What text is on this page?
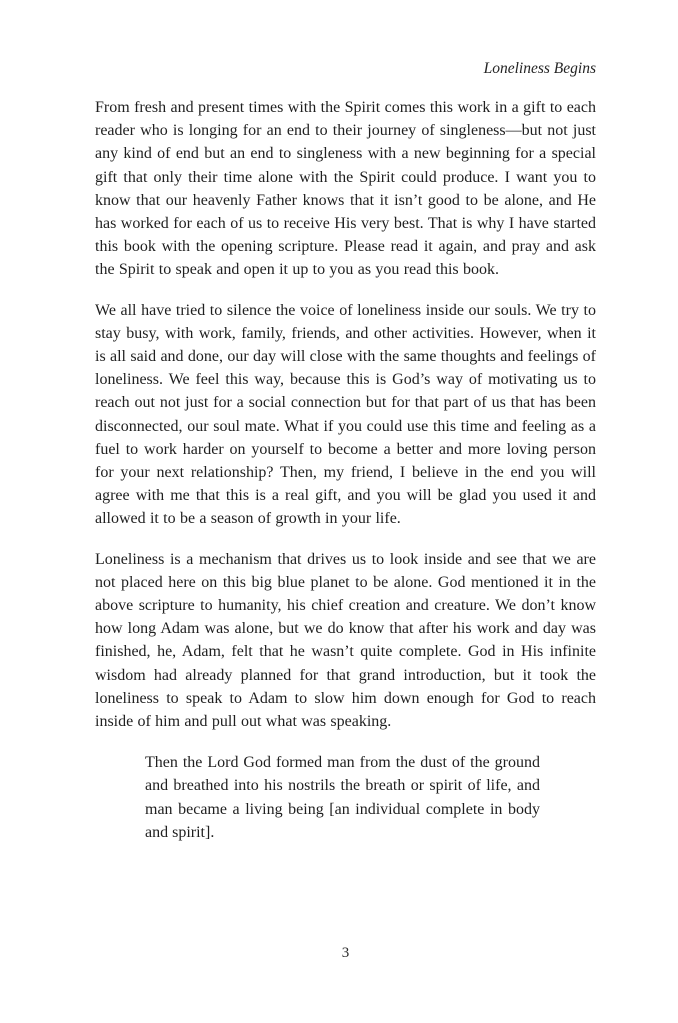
Loneliness Begins

From fresh and present times with the Spirit comes this work in a gift to each reader who is longing for an end to their journey of singleness—but not just any kind of end but an end to singleness with a new beginning for a special gift that only their time alone with the Spirit could produce. I want you to know that our heavenly Father knows that it isn’t good to be alone, and He has worked for each of us to receive His very best. That is why I have started this book with the opening scripture. Please read it again, and pray and ask the Spirit to speak and open it up to you as you read this book.

We all have tried to silence the voice of loneliness inside our souls. We try to stay busy, with work, family, friends, and other activities. However, when it is all said and done, our day will close with the same thoughts and feelings of loneliness. We feel this way, because this is God’s way of motivating us to reach out not just for a social connection but for that part of us that has been disconnected, our soul mate. What if you could use this time and feeling as a fuel to work harder on yourself to become a better and more loving person for your next relationship? Then, my friend, I believe in the end you will agree with me that this is a real gift, and you will be glad you used it and allowed it to be a season of growth in your life.

Loneliness is a mechanism that drives us to look inside and see that we are not placed here on this big blue planet to be alone. God mentioned it in the above scripture to humanity, his chief creation and creature. We don’t know how long Adam was alone, but we do know that after his work and day was finished, he, Adam, felt that he wasn’t quite complete. God in His infinite wisdom had already planned for that grand introduction, but it took the loneliness to speak to Adam to slow him down enough for God to reach inside of him and pull out what was speaking.

Then the Lord God formed man from the dust of the ground and breathed into his nostrils the breath or spirit of life, and man became a living being [an individual complete in body and spirit].

3
